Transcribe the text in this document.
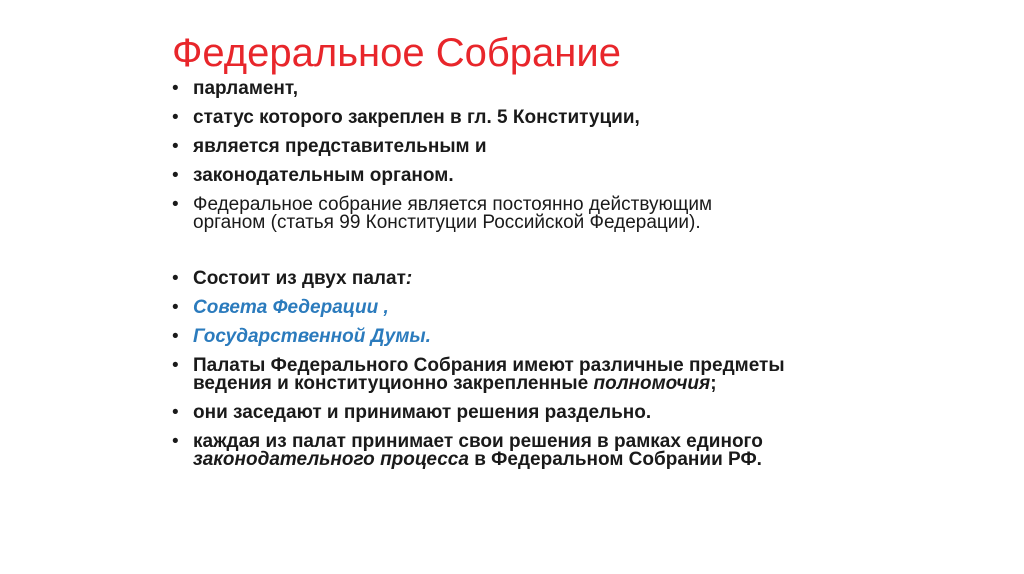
Федеральное Собрание
• парламент,
• статус которого закреплен в гл. 5 Конституции,
• является представительным и
• законодательным органом.
• Федеральное собрание является постоянно действующим
органом (статья 99 Конституции Российской Федерации).
• Состоит из двух палат:
• Совета Федерации ,
• Государственной Думы.
• Палаты Федерального Собрания имеют различные предметы
ведения и конституционно закрепленные полномочия;
• они заседают и принимают решения раздельно.
• каждая из палат принимает свои решения в рамках единого
законодательного процесса в Федеральном Собрании РФ.
